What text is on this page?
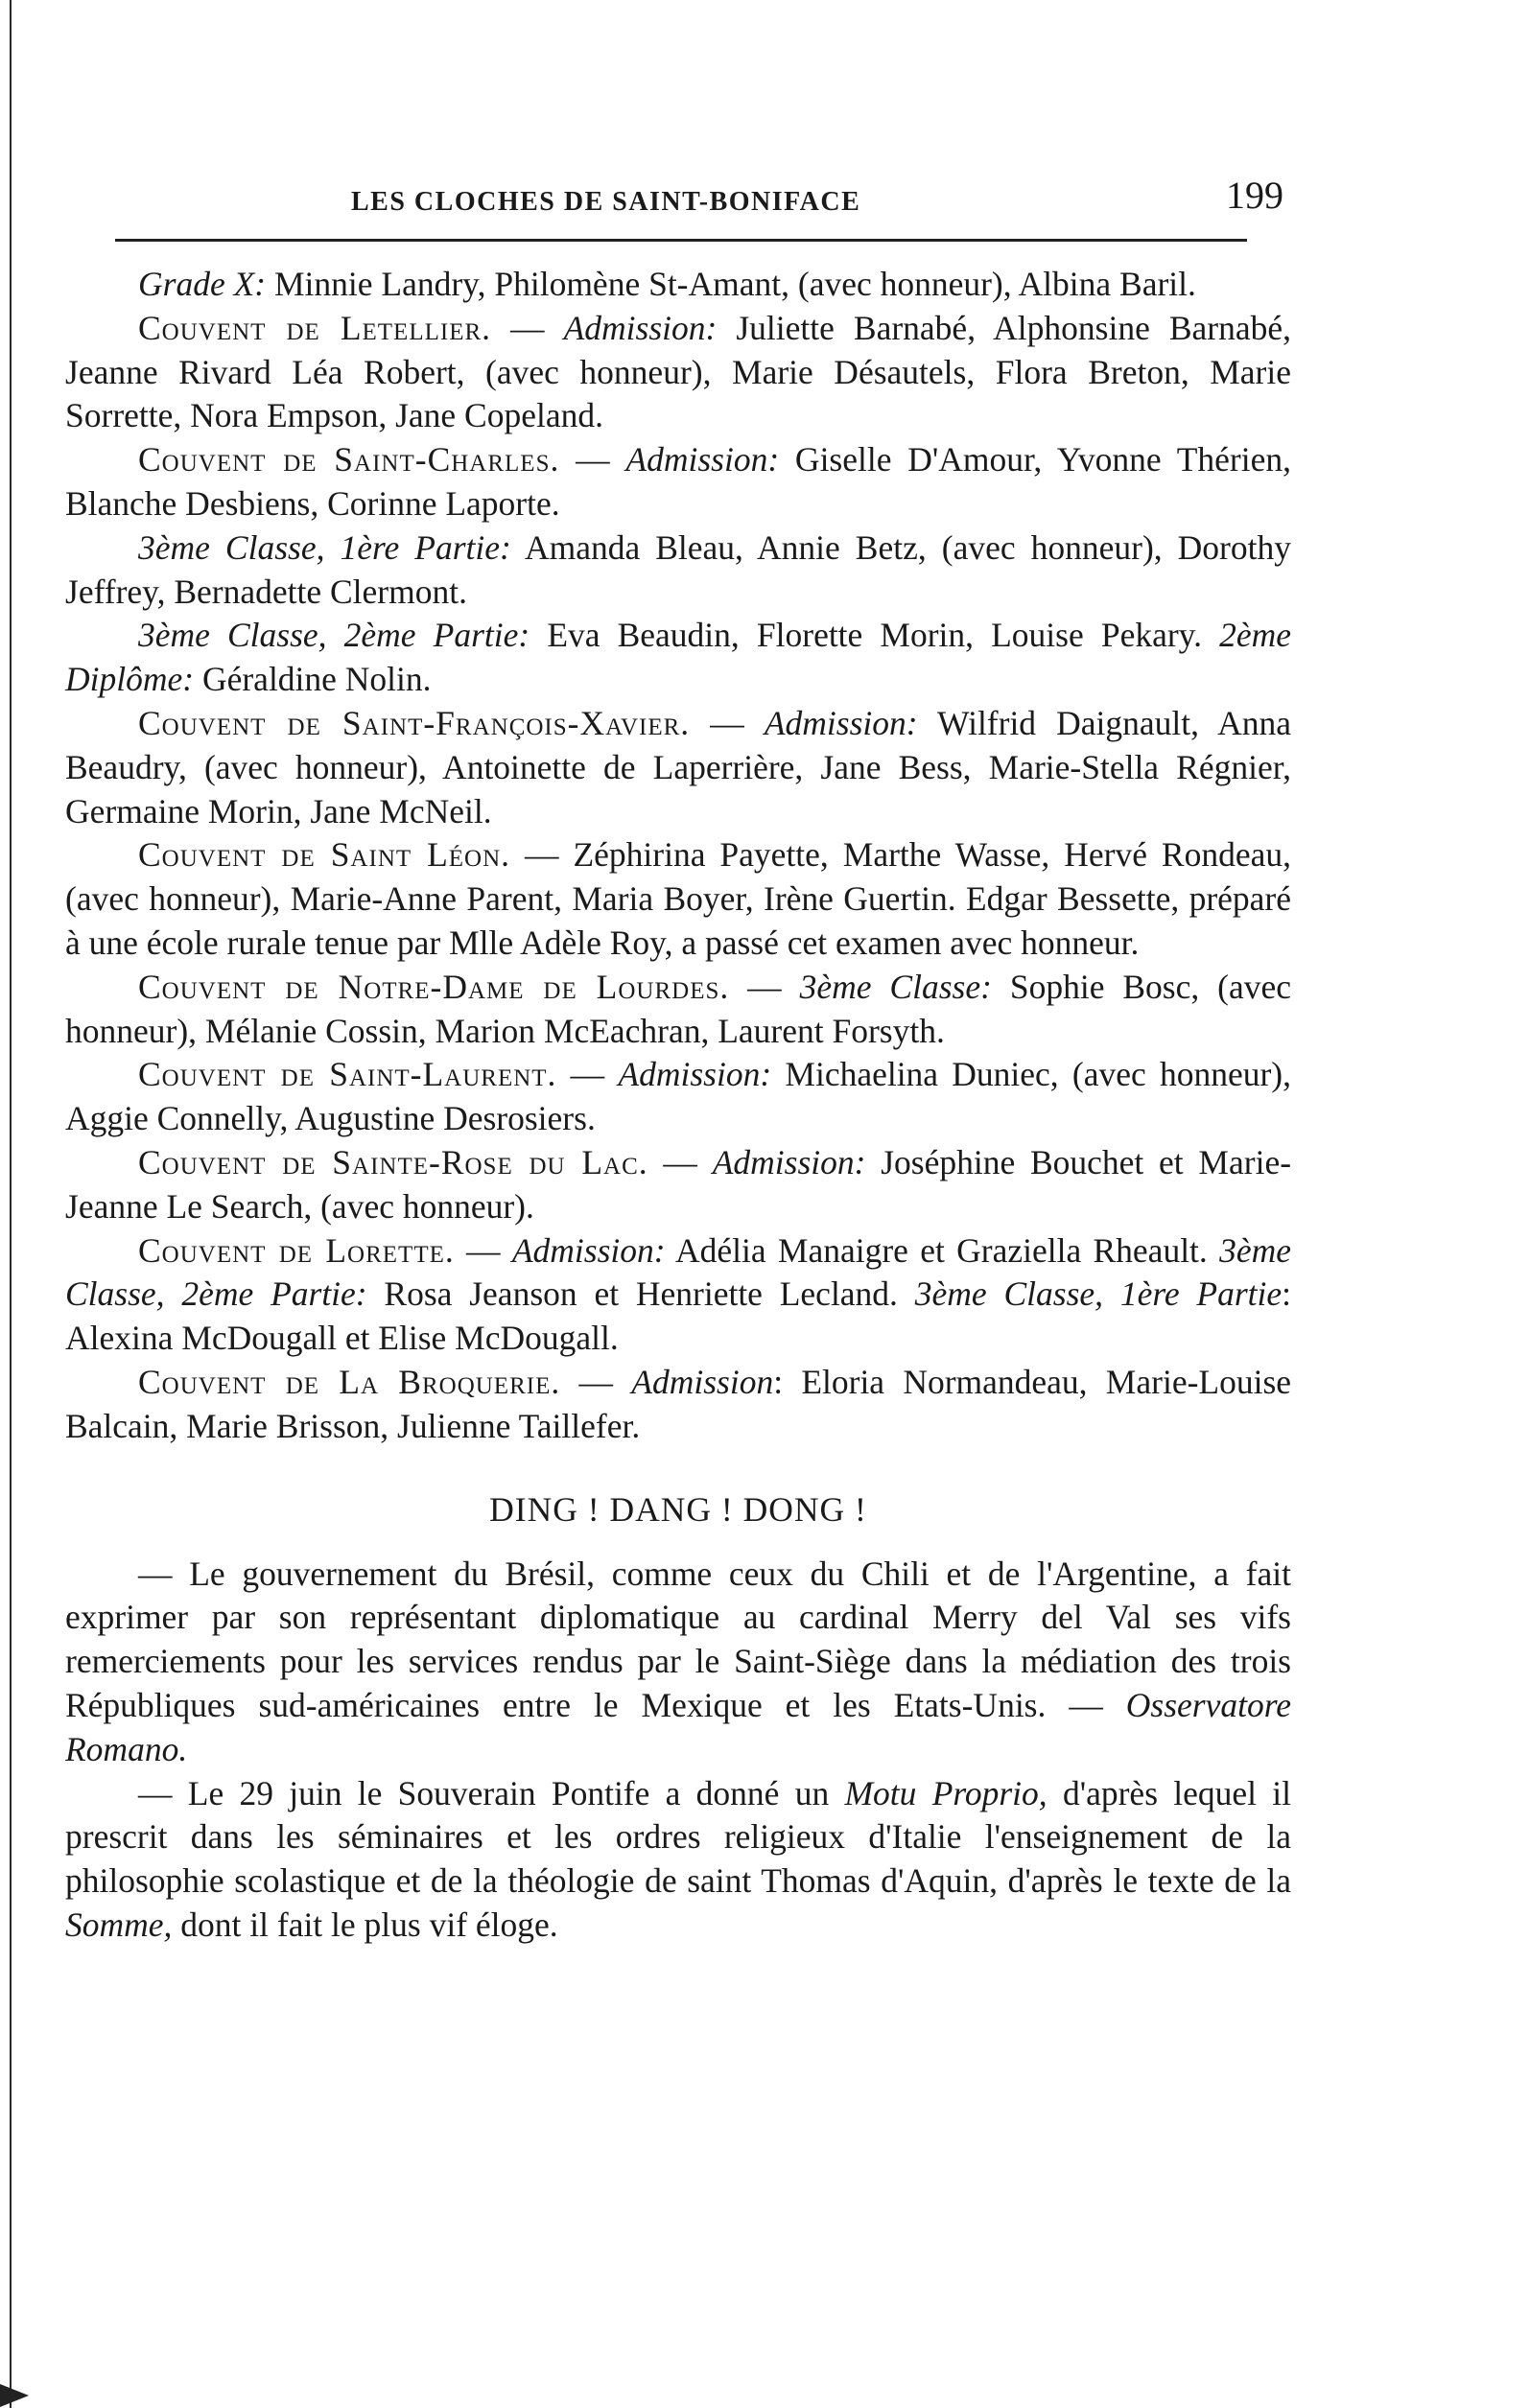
LES CLOCHES DE SAINT-BONIFACE	199

Grade X: Minnie Landry, Philomène St-Amant, (avec honneur), Albina Baril.

Couvent de Letellier. — Admission: Juliette Barnabé, Alphonsine Barnabé, Jeanne Rivard Léa Robert, (avec honneur), Marie Désautels, Flora Breton, Marie Sorrette, Nora Empson, Jane Copeland.

Couvent de Saint-Charles. — Admission: Giselle D'Amour, Yvonne Thérien, Blanche Desbiens, Corinne Laporte.

3ème Classe, 1ère Partie: Amanda Bleau, Annie Betz, (avec honneur), Dorothy Jeffrey, Bernadette Clermont.

3ème Classe, 2ème Partie: Eva Beaudin, Florette Morin, Louise Pekary. 2ème Diplôme: Géraldine Nolin.

Couvent de Saint-François-Xavier. — Admission: Wilfrid Daignault, Anna Beaudry, (avec honneur), Antoinette de Laperrière, Jane Bess, Marie-Stella Régnier, Germaine Morin, Jane McNeil.

Couvent de Saint Léon. — Zéphirina Payette, Marthe Wasse, Hervé Rondeau, (avec honneur), Marie-Anne Parent, Maria Boyer, Irène Guertin. Edgar Bessette, préparé à une école rurale tenue par Mlle Adèle Roy, a passé cet examen avec honneur.

Couvent de Notre-Dame de Lourdes. — 3ème Classe: Sophie Bosc, (avec honneur), Mélanie Cossin, Marion McEachran, Laurent Forsyth.

Couvent de Saint-Laurent. — Admission: Michaelina Duniec, (avec honneur), Aggie Connelly, Augustine Desrosiers.

Couvent de Sainte-Rose du Lac. — Admission: Joséphine Bouchet et Marie-Jeanne Le Search, (avec honneur).

Couvent de Lorette. — Admission: Adélia Manaigre et Graziella Rheault. 3ème Classe, 2ème Partie: Rosa Jeanson et Henriette Lecland. 3ème Classe, 1ère Partie: Alexina McDougall et Elise McDougall.

Couvent de La Broquerie. — Admission: Eloria Normandeau, Marie-Louise Balcain, Marie Brisson, Julienne Taillefer.

DING ! DANG ! DONG !

— Le gouvernement du Brésil, comme ceux du Chili et de l'Argentine, a fait exprimer par son représentant diplomatique au cardinal Merry del Val ses vifs remerciements pour les services rendus par le Saint-Siège dans la médiation des trois Républiques sud-américaines entre le Mexique et les Etats-Unis. — Osservatore Romano.

— Le 29 juin le Souverain Pontife a donné un Motu Proprio, d'après lequel il prescrit dans les séminaires et les ordres religieux d'Italie l'enseignement de la philosophie scolastique et de la théologie de saint Thomas d'Aquin, d'après le texte de la Somme, dont il fait le plus vif éloge.
